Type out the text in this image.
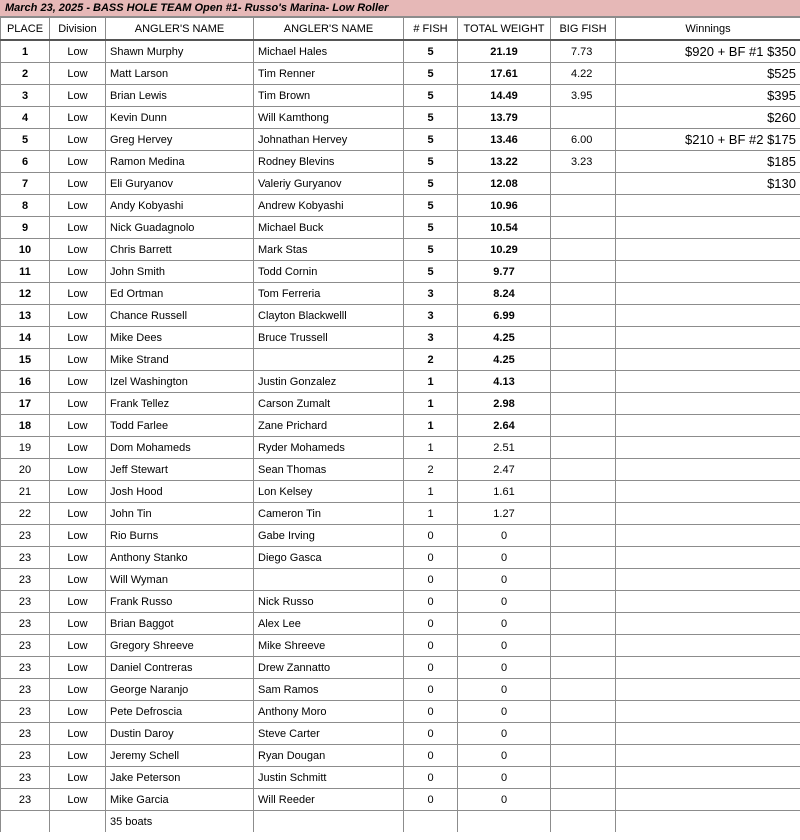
March 23, 2025 - BASS HOLE TEAM Open #1- Russo's Marina- Low Roller
PLACE	Division	ANGLER'S NAME	ANGLER'S NAME	# FISH	TOTAL WEIGHT	BIG FISH	Winnings
1	Low	Shawn Murphy	Michael Hales	5	21.19	7.73	$920 + BF #1 $350
2	Low	Matt Larson	Tim Renner	5	17.61	4.22	$525
3	Low	Brian Lewis	Tim Brown	5	14.49	3.95	$395
4	Low	Kevin Dunn	Will Kamthong	5	13.79		$260
5	Low	Greg Hervey	Johnathan Hervey	5	13.46	6.00	$210 + BF #2 $175
6	Low	Ramon Medina	Rodney Blevins	5	13.22	3.23	$185
7	Low	Eli Guryanov	Valeriy Guryanov	5	12.08		$130
8	Low	Andy Kobyashi	Andrew Kobyashi	5	10.96		
9	Low	Nick Guadagnolo	Michael Buck	5	10.54		
10	Low	Chris Barrett	Mark Stas	5	10.29		
11	Low	John Smith	Todd Cornin	5	9.77		
12	Low	Ed Ortman	Tom Ferreria	3	8.24		
13	Low	Chance Russell	Clayton Blackwelll	3	6.99		
14	Low	Mike Dees	Bruce Trussell	3	4.25		
15	Low	Mike Strand		2	4.25		
16	Low	Izel Washington	Justin Gonzalez	1	4.13		
17	Low	Frank Tellez	Carson Zumalt	1	2.98		
18	Low	Todd Farlee	Zane Prichard	1	2.64		
19	Low	Dom Mohameds	Ryder Mohameds	1	2.51		
20	Low	Jeff Stewart	Sean Thomas	2	2.47		
21	Low	Josh Hood	Lon Kelsey	1	1.61		
22	Low	John Tin	Cameron Tin	1	1.27		
23	Low	Rio Burns	Gabe Irving	0	0		
23	Low	Anthony Stanko	Diego Gasca	0	0		
23	Low	Will Wyman		0	0		
23	Low	Frank Russo	Nick Russo	0	0		
23	Low	Brian Baggot	Alex Lee	0	0		
23	Low	Gregory Shreeve	Mike Shreeve	0	0		
23	Low	Daniel Contreras	Drew Zannatto	0	0		
23	Low	George Naranjo	Sam Ramos	0	0		
23	Low	Pete Defroscia	Anthony Moro	0	0		
23	Low	Dustin Daroy	Steve Carter	0	0		
23	Low	Jeremy Schell	Ryan Dougan	0	0		
23	Low	Jake Peterson	Justin Schmitt	0	0		
23	Low	Mike Garcia	Will Reeder	0	0		
		35 boats					
